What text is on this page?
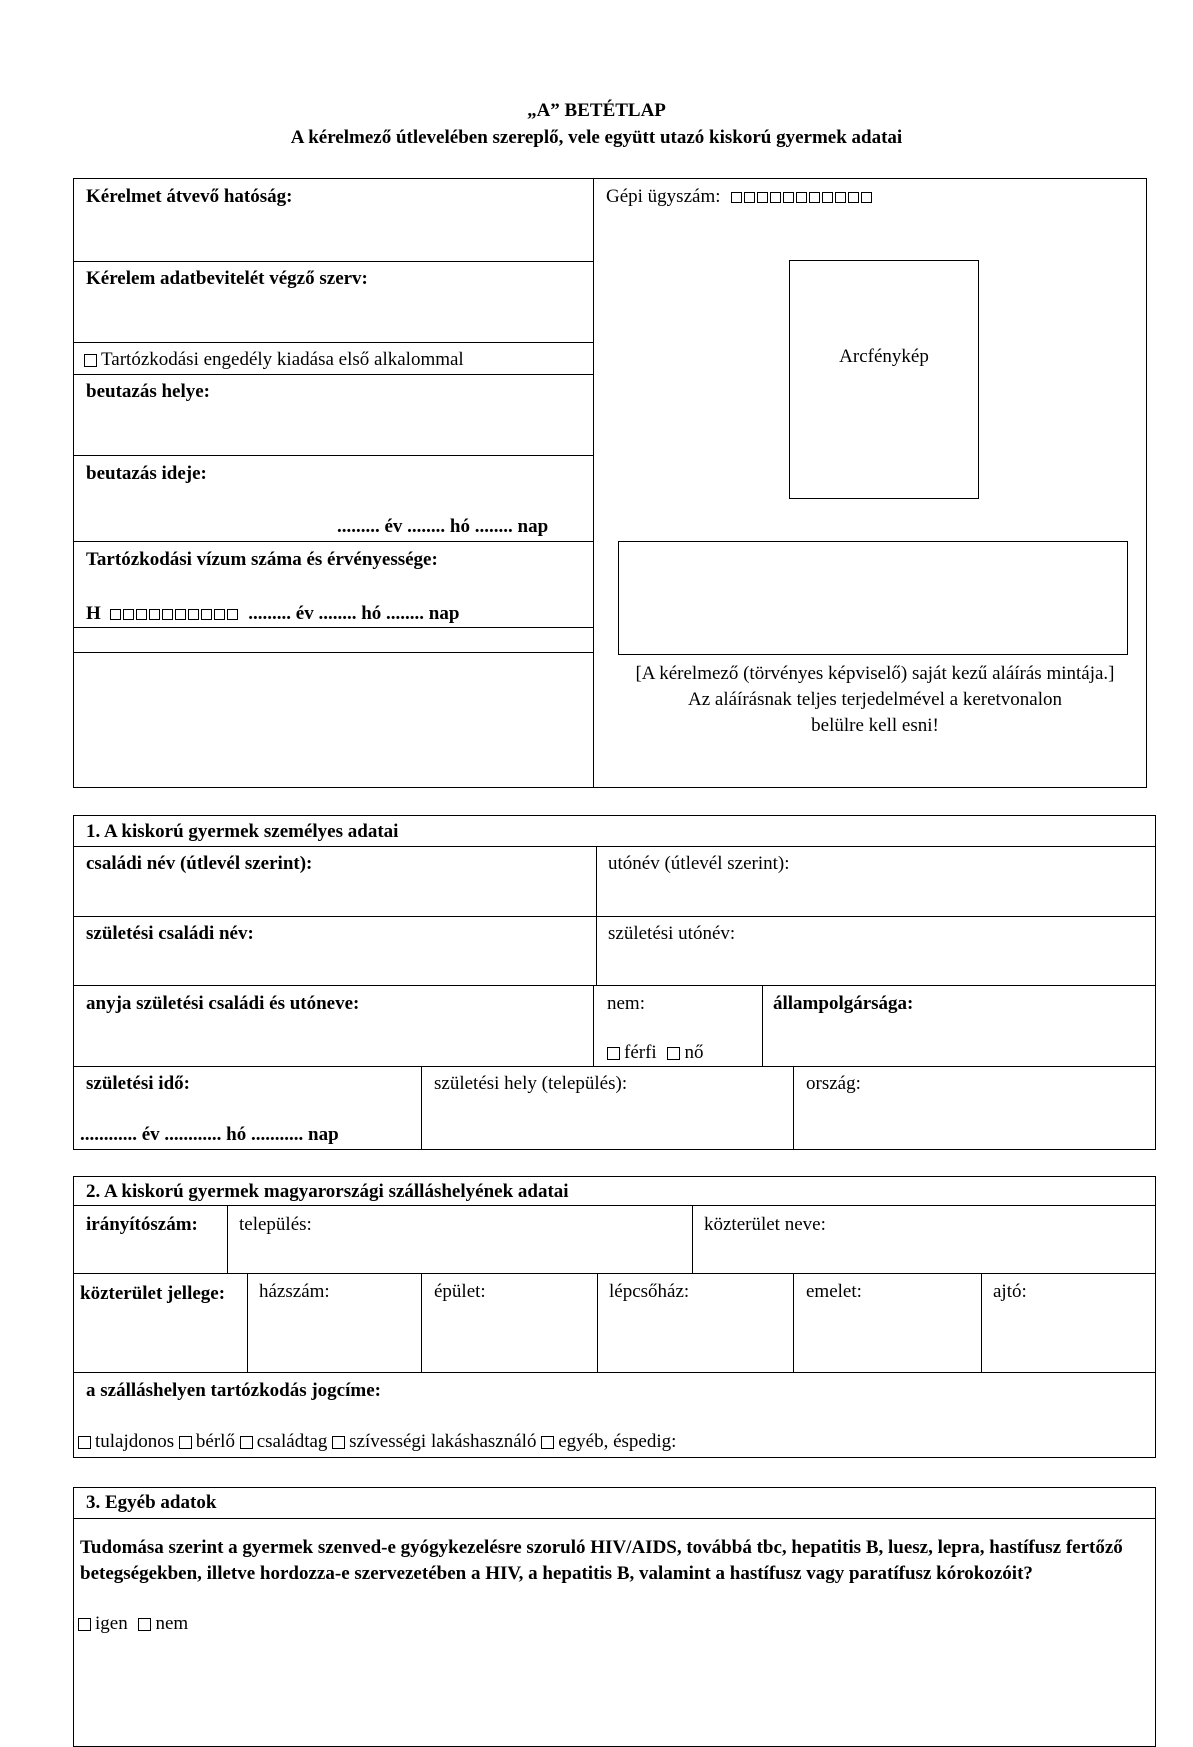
„A” BETÉTLAP
A kérelmező útlevelében szereplő, vele együtt utazó kiskorú gyermek adatai
Kérelmet átvevő hatóság:
Kérelem adatbevitelét végző szerv:
Tartózkodási engedély kiadása első alkalommal
beutazás helye:
beutazás ideje:
......... év ........ hó ........ nap
Tartózkodási vízum száma és érvényessége:
H	......... év ........ hó ........ nap
Gépi ügyszám:
Arcfénykép
[A kérelmező (törvényes képviselő) saját kezű aláírás mintája.]
Az aláírásnak teljes terjedelmével a keretvonalon belülre kell esni!
1. A kiskorú gyermek személyes adatai
családi név (útlevél szerint):	utónév (útlevél szerint):
születési családi név:	születési utónév:
anyja születési családi és utóneve:	nem:
férfi nő
állampolgársága:
születési idő:
............ év ............ hó ........... nap
születési hely (település):	ország:
2. A kiskorú gyermek magyarországi szálláshelyének adatai
irányítószám: település:	közterület neve:
közterület jellege:	házszám:	épület:	lépcsőház:	emelet:	ajtó:
a szálláshelyen tartózkodás jogcíme:
tulajdonos bérlő családtag szívességi lakáshasználó egyéb, éspedig:
3. Egyéb adatok
Tudomása szerint a gyermek szenved-e gyógykezelésre szoruló HIV/AIDS, továbbá tbc, hepatitis B, luesz, lepra, hastífusz fertőző betegségekben, illetve hordozza-e szervezetében a HIV, a hepatitis B, valamint a hastífusz vagy paratífusz kórokozóit?
igen nem
